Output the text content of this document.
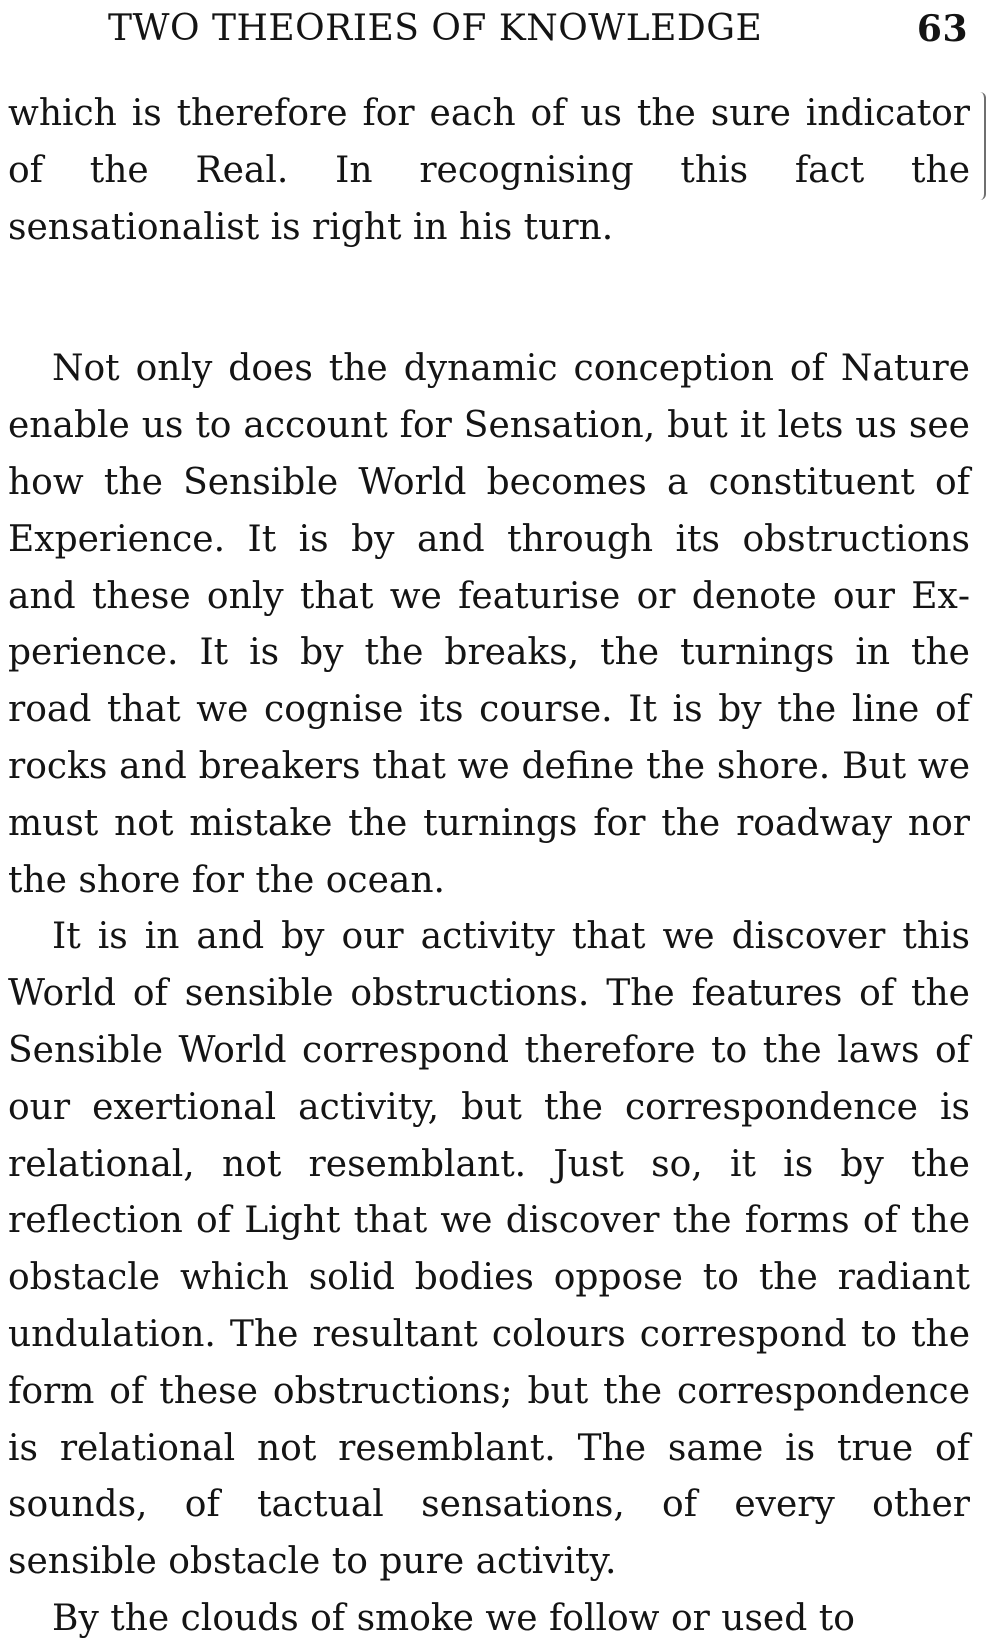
TWO THEORIES OF KNOWLEDGE	63

which is therefore for each of us the sure indicator of the Real. In recognising this fact the sensationalist is right in his turn.

Not only does the dynamic conception of Nature enable us to account for Sensation, but it lets us see how the Sensible World becomes a constituent of Experience. It is by and through its obstructions and these only that we featurise or denote our Experience. It is by the breaks, the turnings in the road that we cognise its course. It is by the line of rocks and breakers that we define the shore. But we must not mistake the turnings for the roadway nor the shore for the ocean.

It is in and by our activity that we discover this World of sensible obstructions. The features of the Sensible World correspond therefore to the laws of our exertional activity, but the correspondence is relational, not resemblant. Just so, it is by the reflection of Light that we discover the forms of the obstacle which solid bodies oppose to the radiant undulation. The resultant colours correspond to the form of these obstructions; but the correspondence is relational not resemblant. The same is true of sounds, of tactual sensations, of every other sensible obstacle to pure activity.

By the clouds of smoke we follow or used to
